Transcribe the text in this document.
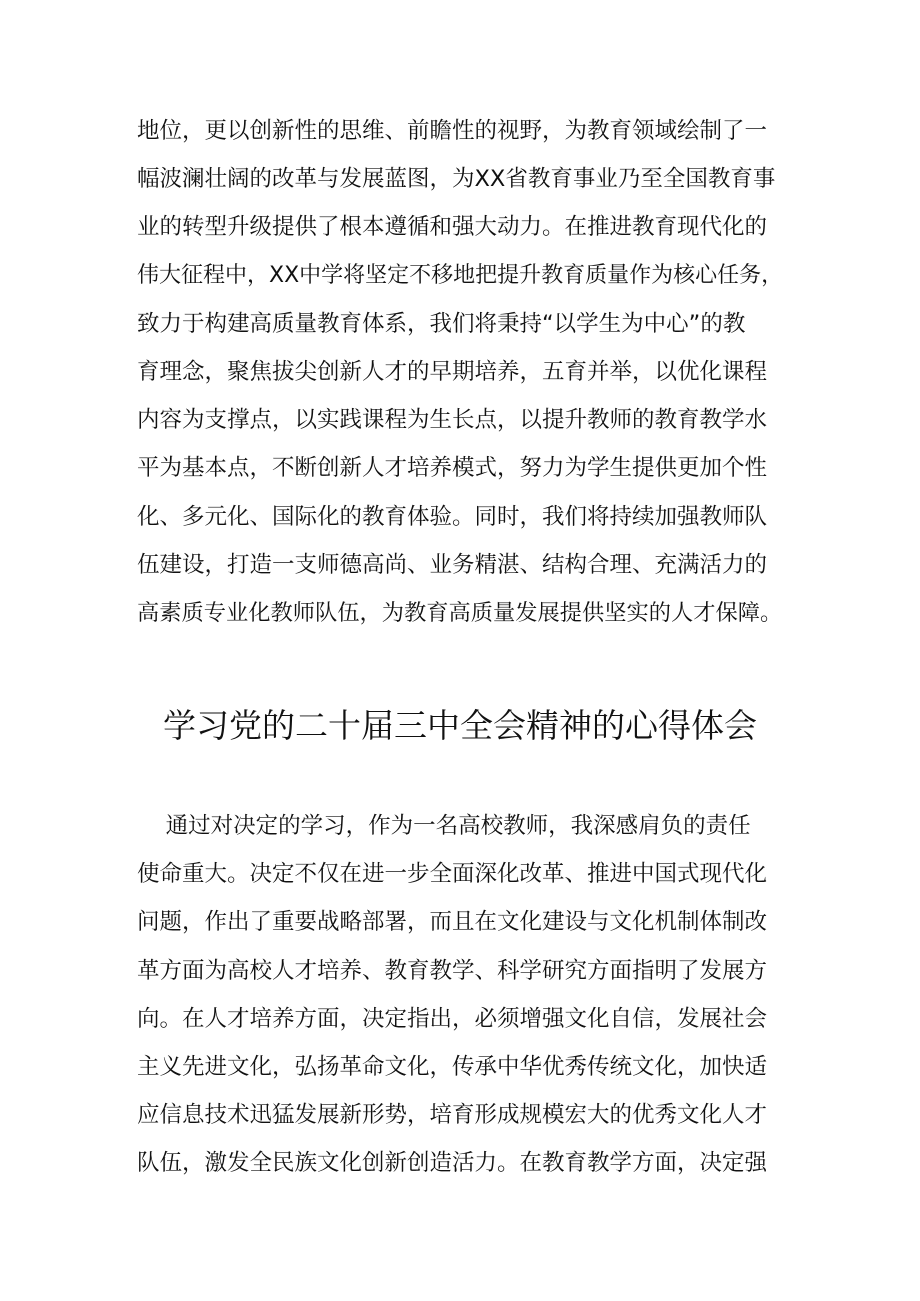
地位，更以创新性的思维、前瞻性的视野，为教育领域绘制了一
幅波澜壮阔的改革与发展蓝图，为XX省教育事业乃至全国教育事
业的转型升级提供了根本遵循和强大动力。在推进教育现代化的
伟大征程中，XX中学将坚定不移地把提升教育质量作为核心任务，
致力于构建高质量教育体系，我们将秉持“以学生为中心”的教
育理念，聚焦拔尖创新人才的早期培养，五育并举，以优化课程
内容为支撑点，以实践课程为生长点，以提升教师的教育教学水
平为基本点，不断创新人才培养模式，努力为学生提供更加个性
化、多元化、国际化的教育体验。同时，我们将持续加强教师队
伍建设，打造一支师德高尚、业务精湛、结构合理、充满活力的
高素质专业化教师队伍，为教育高质量发展提供坚实的人才保障。
学习党的二十届三中全会精神的心得体会
通过对决定的学习，作为一名高校教师，我深感肩负的责任
使命重大。决定不仅在进一步全面深化改革、推进中国式现代化
问题，作出了重要战略部署，而且在文化建设与文化机制体制改
革方面为高校人才培养、教育教学、科学研究方面指明了发展方
向。在人才培养方面，决定指出，必须增强文化自信，发展社会
主义先进文化，弘扬革命文化，传承中华优秀传统文化，加快适
应信息技术迅猛发展新形势，培育形成规模宏大的优秀文化人才
队伍，激发全民族文化创新创造活力。在教育教学方面，决定强
